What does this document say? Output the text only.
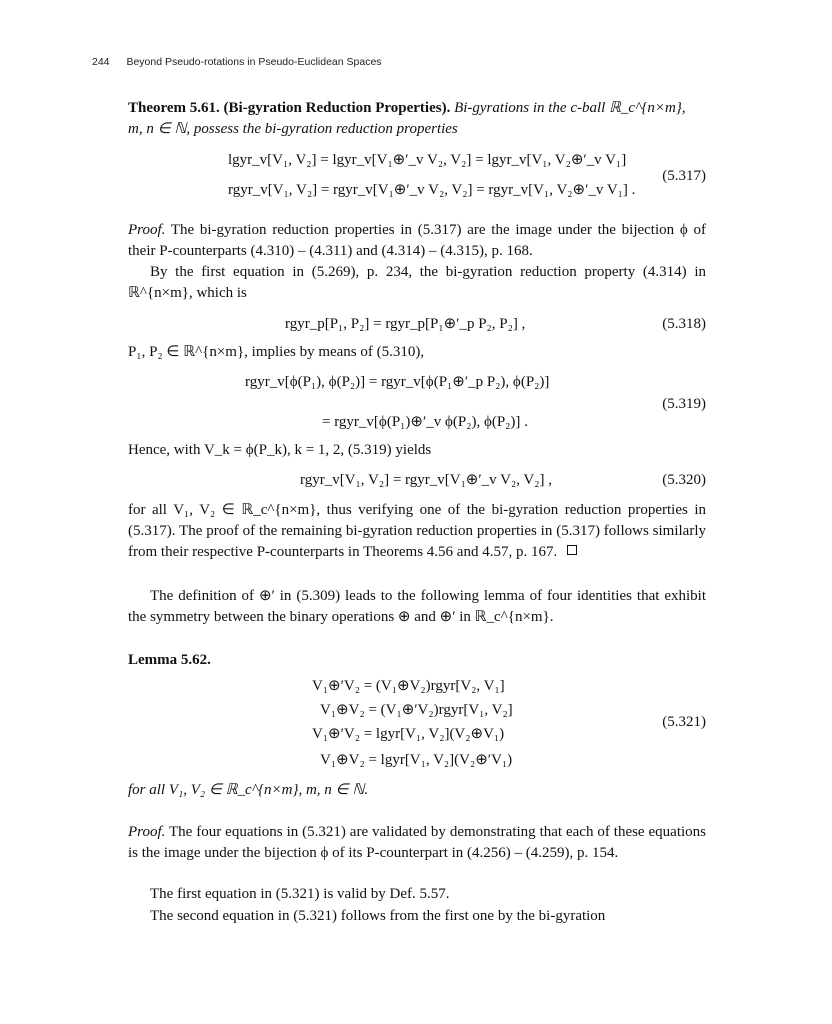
244 Beyond Pseudo-rotations in Pseudo-Euclidean Spaces
Theorem 5.61. (Bi-gyration Reduction Properties). Bi-gyrations in the c-ball ℝ_c^{n×m},
m, n ∈ ℕ, possess the bi-gyration reduction properties
lgyr_v[V₁, V₂] = lgyr_v[V₁⊕′_v V₂, V₂] = lgyr_v[V₁, V₂⊕′_v V₁]
rgyr_v[V₁, V₂] = rgyr_v[V₁⊕′_v V₂, V₂] = rgyr_v[V₁, V₂⊕′_v V₁] .
(5.317)
Proof. The bi-gyration reduction properties in (5.317) are the image under the bijection ϕ of their P-counterparts (4.310) – (4.311) and (4.314) – (4.315), p. 168.
By the first equation in (5.269), p. 234, the bi-gyration reduction property (4.314) in ℝ^{n×m}, which is
rgyr_p[P₁, P₂] = rgyr_p[P₁⊕′_p P₂, P₂] ,	(5.318)
P₁, P₂ ∈ ℝ^{n×m}, implies by means of (5.310),
rgyr_v[ϕ(P₁), ϕ(P₂)] = rgyr_v[ϕ(P₁⊕′_p P₂), ϕ(P₂)]
= rgyr_v[ϕ(P₁)⊕′_v ϕ(P₂), ϕ(P₂)] .
(5.319)
Hence, with V_k = ϕ(P_k), k = 1, 2, (5.319) yields
rgyr_v[V₁, V₂] = rgyr_v[V₁⊕′_v V₂, V₂] ,	(5.320)
for all V₁, V₂ ∈ ℝ_c^{n×m}, thus verifying one of the bi-gyration reduction properties in (5.317). The proof of the remaining bi-gyration reduction properties in (5.317) follows similarly from their respective P-counterparts in Theorems 4.56 and 4.57, p. 167.
The definition of ⊕′ in (5.309) leads to the following lemma of four identities that exhibit the symmetry between the binary operations ⊕ and ⊕′ in ℝ_c^{n×m}.
Lemma 5.62.
V₁⊕′V₂ = (V₁⊕V₂)rgyr[V₂, V₁]
V₁⊕V₂ = (V₁⊕′V₂)rgyr[V₁, V₂]
V₁⊕′V₂ = lgyr[V₁, V₂](V₂⊕V₁)
V₁⊕V₂ = lgyr[V₁, V₂](V₂⊕′V₁)
(5.321)
for all V₁, V₂ ∈ ℝ_c^{n×m}, m, n ∈ ℕ.
Proof. The four equations in (5.321) are validated by demonstrating that each of these equations is the image under the bijection ϕ of its P-counterpart in (4.256) – (4.259), p. 154.
The first equation in (5.321) is valid by Def. 5.57.
The second equation in (5.321) follows from the first one by the bi-gyration
